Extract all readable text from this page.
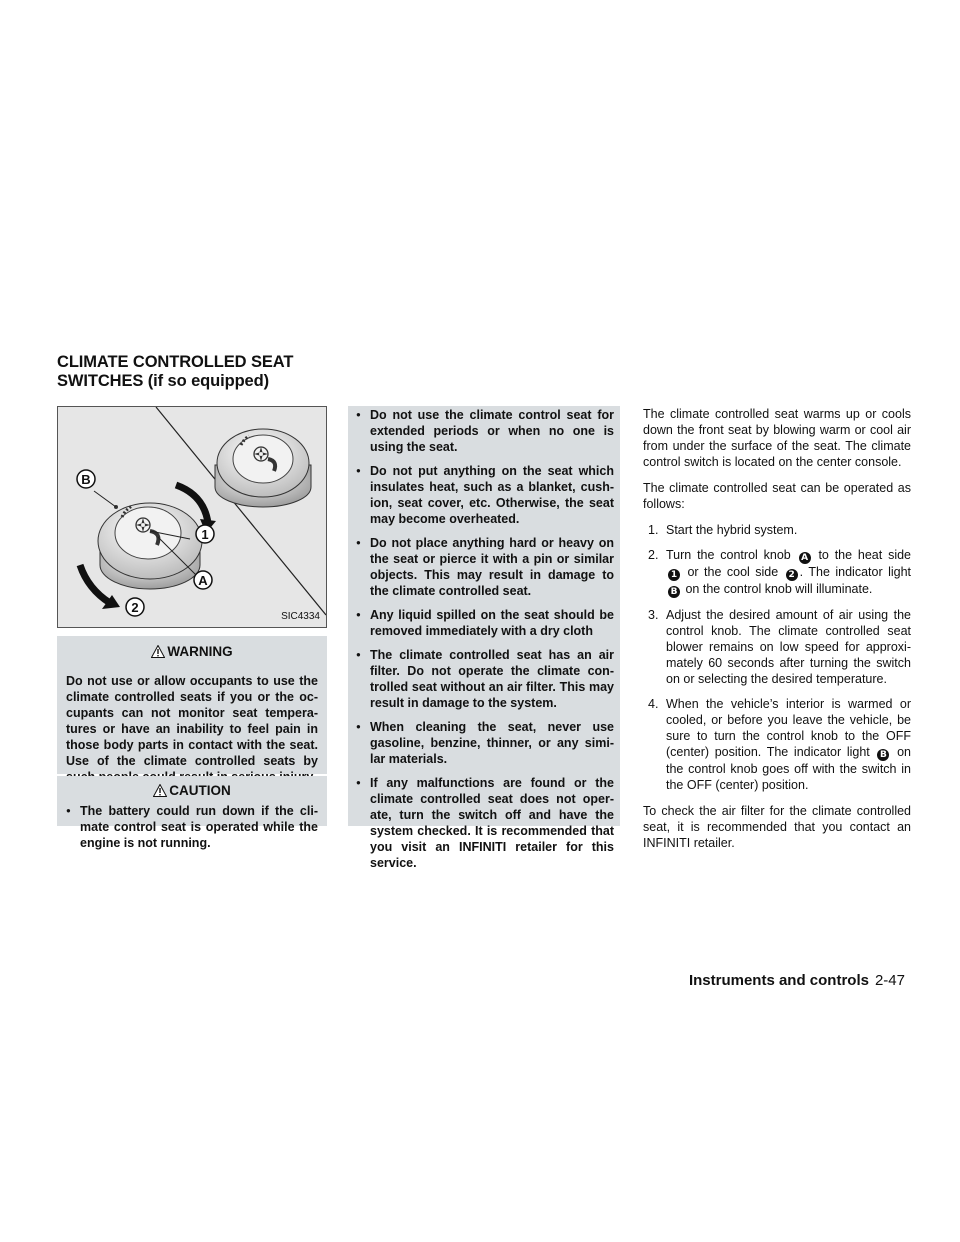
CLIMATE CONTROLLED SEAT
SWITCHES (if so equipped)
B
1
A
2
SIC4334
WARNING

Do not use or allow occupants to use the climate controlled seats if you or the oc-cupants can not monitor seat tempera-tures or have an inability to feel pain in those body parts in contact with the seat. Use of the climate controlled seats by

CAUTION
● The battery could run down if the cli-mate control seat is operated while the engine is not running.
● Do not use the climate control seat for extended periods or when no one is using the seat.
● Do not put anything on the seat which insulates heat, such as a blanket, cush-ion, seat cover, etc. Otherwise, the seat may become overheated.
● Do not place anything hard or heavy on the seat or pierce it with a pin or similar objects. This may result in damage to the climate controlled seat.
● Any liquid spilled on the seat should be removed immediately with a dry cloth
● The climate controlled seat has an air filter. Do not operate the climate con-trolled seat without an air filter. This may result in damage to the system.
● When cleaning the seat, never use gasoline, benzine, thinner, or any simi-lar materials.
● If any malfunctions are found or the climate controlled seat does not oper-ate, turn the switch off and have the system checked. It is recommended that you visit an INFINITI retailer for this service.

The climate controlled seat warms up or cools down the front seat by blowing warm or cool air from under the surface of the seat. The climate control switch is located on the center console.

The climate controlled seat can be operated as follows:

1. Start the hybrid system.
2. Turn the control knob A to the heat side 1 or the cool side 2 . The indicator light B on the control knob will illuminate.
3. Adjust the desired amount of air using the control knob. The climate controlled seat blower remains on low speed for approxi-mately 60 seconds after turning the switch on or selecting the desired temperature.
4. When the vehicle’s interior is warmed or cooled, or before you leave the vehicle, be sure to turn the control knob to the OFF (center) position. The indicator light B on the control knob goes off with the switch in the OFF (center) position.

To check the air filter for the climate controlled seat, it is recommended that you contact an INFINITI retailer.

Instruments and controls 2-47
